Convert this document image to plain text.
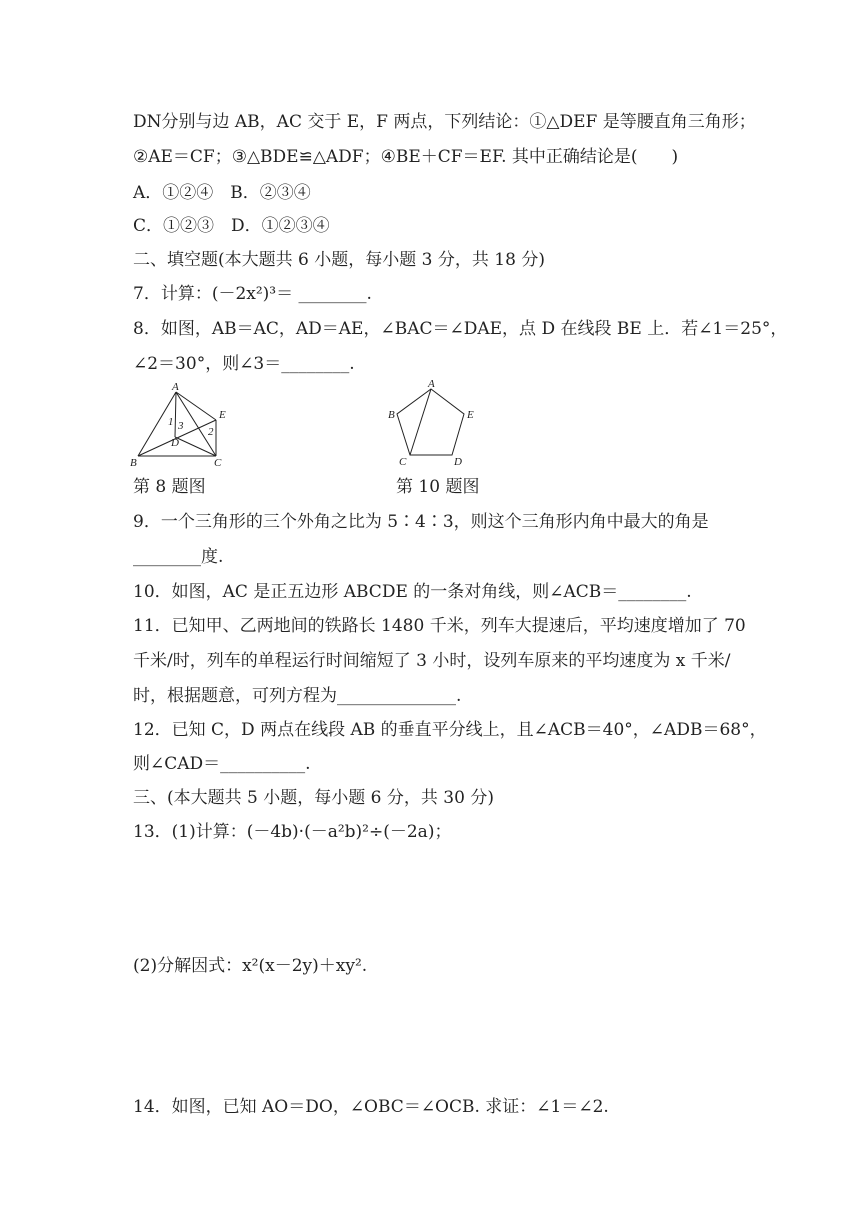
DN分别与边 AB，AC 交于 E，F 两点，下列结论：①△DEF 是等腰直角三角形；
②AE＝CF；③△BDE≌△ADF；④BE＋CF＝EF. 其中正确结论是(　　)
A．①②④　B．②③④
C．①②③　D．①②③④
二、填空题(本大题共 6 小题，每小题 3 分，共 18 分)
7．计算：(－2x²)³＝ ________.
8．如图，AB＝AC，AD＝AE，∠BAC＝∠DAE，点 D 在线段 BE 上．若∠1＝25°，
∠2＝30°，则∠3＝________.
A
B	C
D
E
1
2
3
A
B
C	D
E
第 8 题图	第 10 题图
9．一个三角形的三个外角之比为 5∶4∶3，则这个三角形内角中最大的角是
________度.
10．如图，AC 是正五边形 ABCDE 的一条对角线，则∠ACB＝________.
11．已知甲、乙两地间的铁路长 1480 千米，列车大提速后，平均速度增加了 70
千米/时，列车的单程运行时间缩短了 3 小时，设列车原来的平均速度为 x 千米/
时，根据题意，可列方程为______________.
12．已知 C，D 两点在线段 AB 的垂直平分线上，且∠ACB＝40°，∠ADB＝68°，
则∠CAD＝__________.
三、(本大题共 5 小题，每小题 6 分，共 30 分)
13．(1)计算：(－4b)·(－a²b)²÷(－2a)；
(2)分解因式：x²(x－2y)＋xy².
14．如图，已知 AO＝DO，∠OBC＝∠OCB. 求证：∠1＝∠2.
